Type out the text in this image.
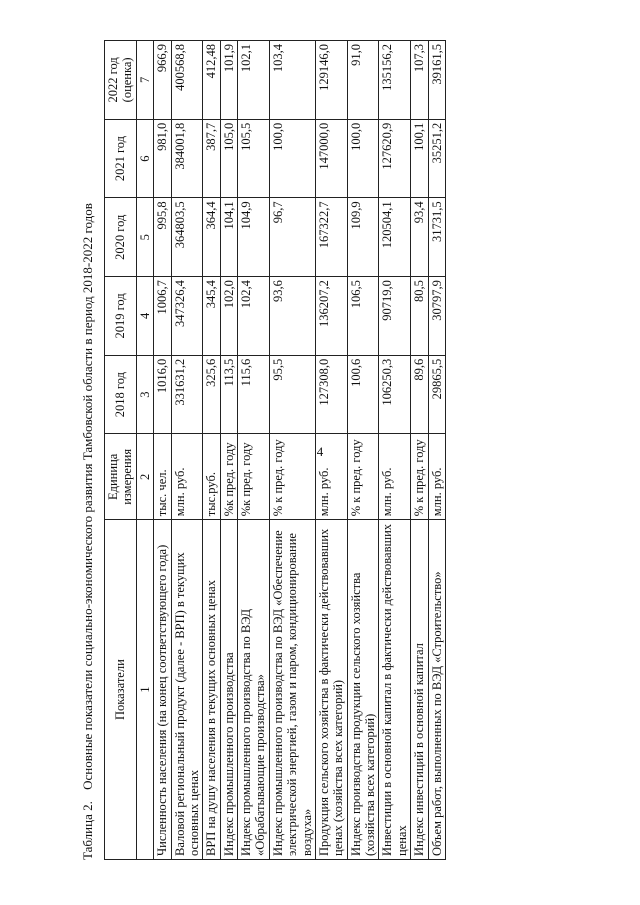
4
Таблица 2. Основные показатели социально-экономического развития Тамбовской области в период 2018-2022 годов Показатели	Единица измерения	2018 год	2019 год	2020 год	2021 год	2022 год (оценка)
1	2	3	4	5	6	7
Численность населения (на конец соответствующего года)	тыс. чел.	1016,0	1006,7	995,8	981,0	966,9
Валовой региональный продукт (далее - ВРП) в текущих основных ценах	млн. руб.	331631,2	347326,4	364803,5	384001,8	400568,8
ВРП на душу населения в текущих основных ценах	тыс.руб.	325,6	345,4	364,4	387,7	412,48
Индекс промышленного производства	%к пред. году	113,5	102,0	104,1	105,0	101,9
Индекс промышленного производства по ВЭД «Обрабатывающие производства»	%к пред. году	115,6	102,4	104,9	105,5	102,1
Индекс промышленного производства по ВЭД «Обеспечение электрической энергией, газом и паром, кондиционирование воздуха»	% к пред. году	95,5	93,6	96,7	100,0	103,4
Продукция сельского хозяйства в фактически действовавших ценах (хозяйства всех категорий)	млн. руб.	127308,0	136207,2	167322,7	147000,0	129146,0
Индекс производства продукции сельского хозяйства (хозяйства всех категорий)	% к пред. году	100,6	106,5	109,9	100,0	91,0
Инвестиции в основной капитал в фактически действовавших ценах	млн. руб.	106250,3	90719,0	120504,1	127620,9	135156,2
Индекс инвестиций в основной капитал	% к пред. году	89,6	80,5	93,4	100,1	107,3
Объем работ, выполненных по ВЭД «Строительство»	млн. руб.	29865,5	30797,9	31731,5	35251,2	39161,5
